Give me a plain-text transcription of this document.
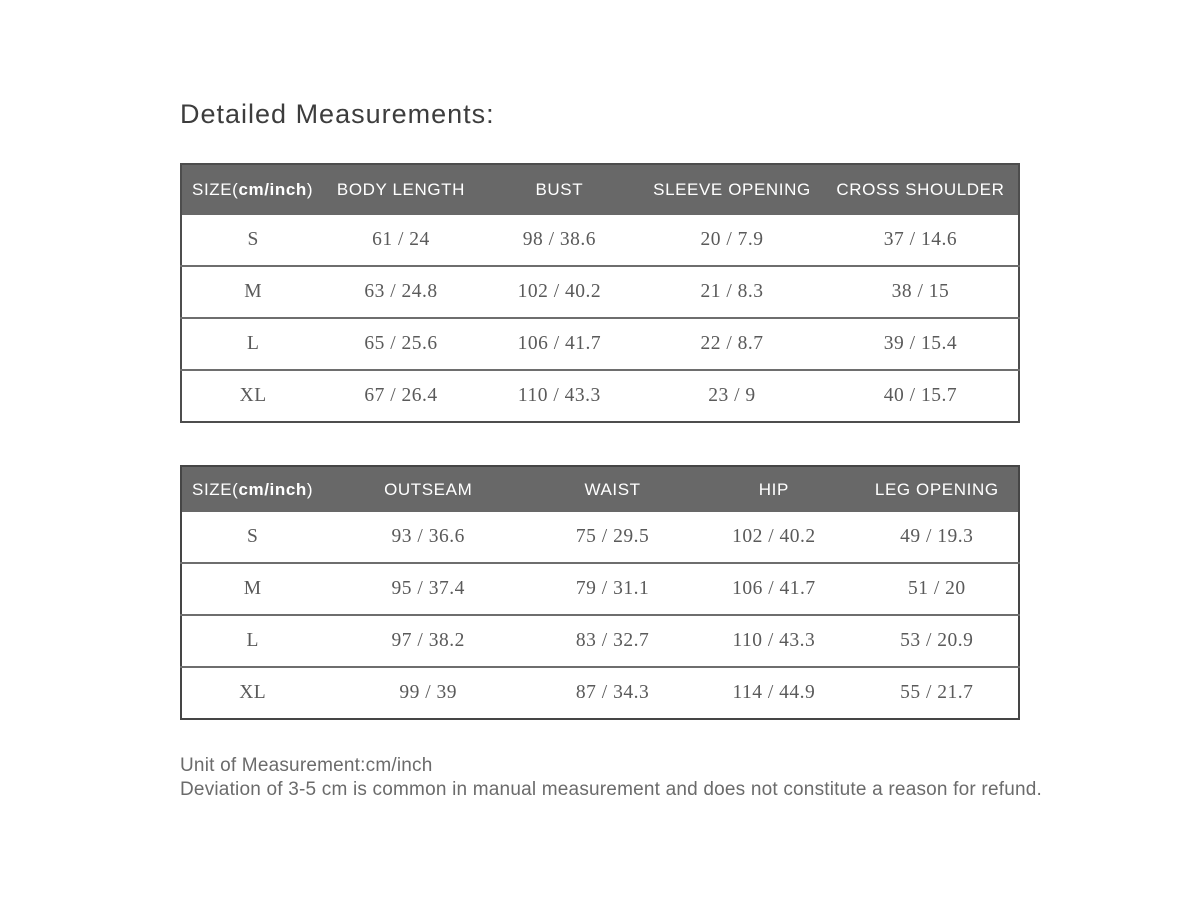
Detailed Measurements:
SIZE(cm/inch)	BODY LENGTH	BUST	SLEEVE OPENING	CROSS SHOULDER
S	61 / 24	98 / 38.6	20 / 7.9	37 / 14.6
M	63 / 24.8	102 / 40.2	21 / 8.3	38 / 15
L	65 / 25.6	106 / 41.7	22 / 8.7	39 / 15.4
XL	67 / 26.4	110 / 43.3	23 / 9	40 / 15.7
SIZE(cm/inch)	OUTSEAM	WAIST	HIP	LEG OPENING
S	93 / 36.6	75 / 29.5	102 / 40.2	49 / 19.3
M	95 / 37.4	79 / 31.1	106 / 41.7	51 / 20
L	97 / 38.2	83 / 32.7	110 / 43.3	53 / 20.9
XL	99 / 39	87 / 34.3	114 / 44.9	55 / 21.7
Unit of Measurement:cm/inch
Deviation of 3-5 cm is common in manual measurement and does not constitute a reason for refund.
